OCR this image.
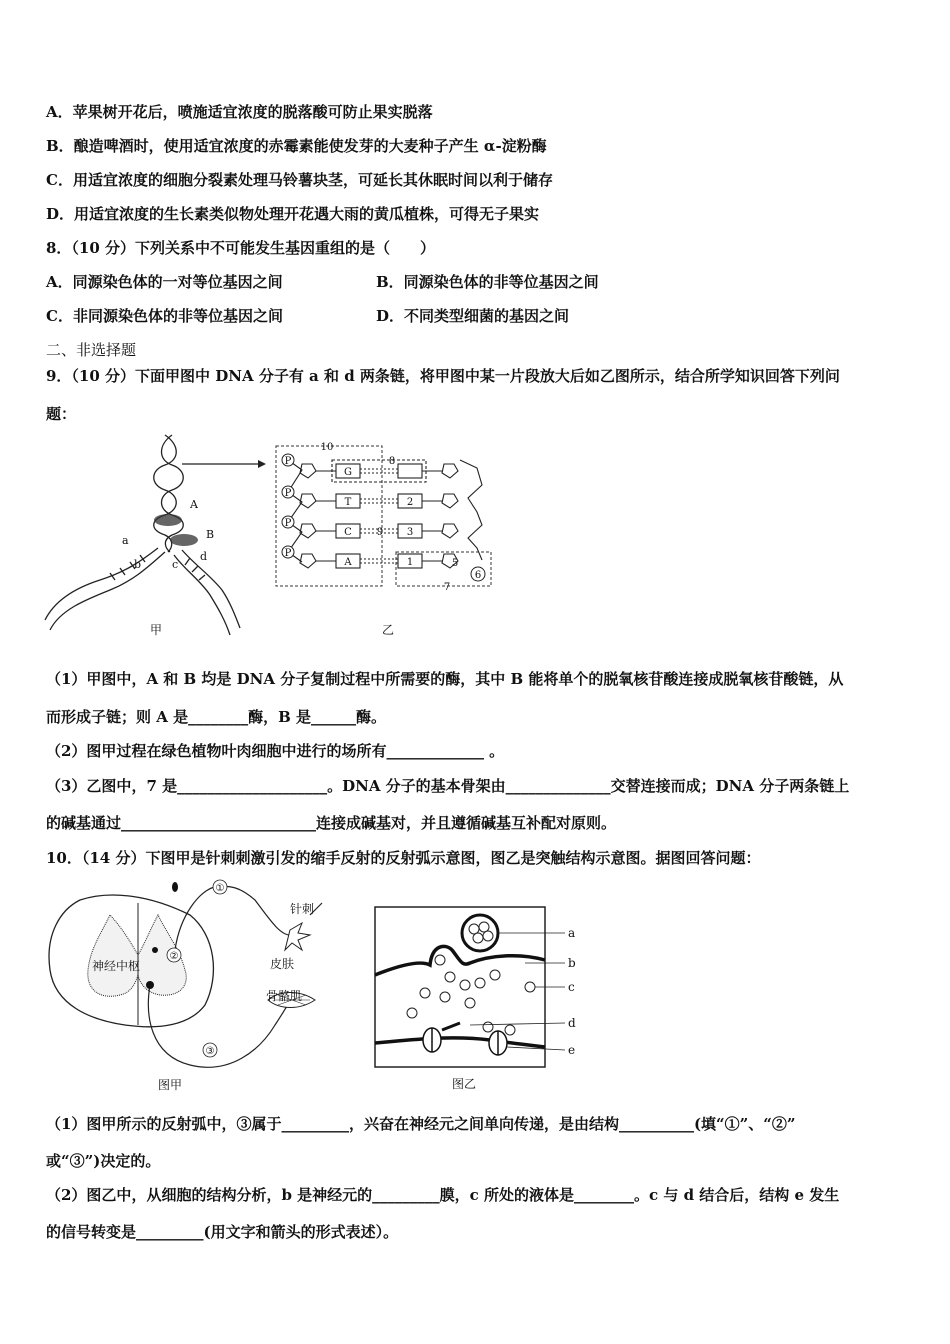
A．苹果树开花后，喷施适宜浓度的脱落酸可防止果实脱落
B．酿造啤酒时，使用适宜浓度的赤霉素能使发芽的大麦种子产生 α-淀粉酶
C．用适宜浓度的细胞分裂素处理马铃薯块茎，可延长其休眠时间以利于储存
D．用适宜浓度的生长素类似物处理开花遇大雨的黄瓜植株，可得无子果实
8．（10 分）下列关系中不可能发生基因重组的是（　　）
A．同源染色体的一对等位基因之间	B．同源染色体的非等位基因之间
C．非同源染色体的非等位基因之间	D．不同类型细菌的基因之间
二、非选择题
9．（10 分）下面甲图中 DNA 分子有 a 和 d 两条链，将甲图中某一片段放大后如乙图所示，结合所学知识回答下列问
题：
A
B
a
b	c
d
甲
P
P
P
P
G
T
C
A
2
3
1
6
10
8
9
5
7
乙
（1）甲图中，A 和 B 均是 DNA 分子复制过程中所需要的酶，其中 B 能将单个的脱氧核苷酸连接成脱氧核苷酸链，从
而形成子链；则 A 是________酶，B 是______酶。
（2）图甲过程在绿色植物叶肉细胞中进行的场所有_____________ 。
（3）乙图中，7 是____________________。DNA 分子的基本骨架由______________交替连接而成；DNA 分子两条链上
的碱基通过__________________________连接成碱基对，并且遵循碱基互补配对原则。
10．（14 分）下图甲是针刺刺激引发的缩手反射的反射弧示意图，图乙是突触结构示意图。据图回答问题：
①
②
③
神经中枢
针刺
皮肤
骨骼肌
图甲
a
b
c
d
e
图乙
（1）图甲所示的反射弧中，③属于_________，兴奋在神经元之间单向传递，是由结构__________(填“①”、“②”
或“③”)决定的。
（2）图乙中，从细胞的结构分析，b 是神经元的_________膜，c 所处的液体是________。c 与 d 结合后，结构 e 发生
的信号转变是_________(用文字和箭头的形式表述）。
